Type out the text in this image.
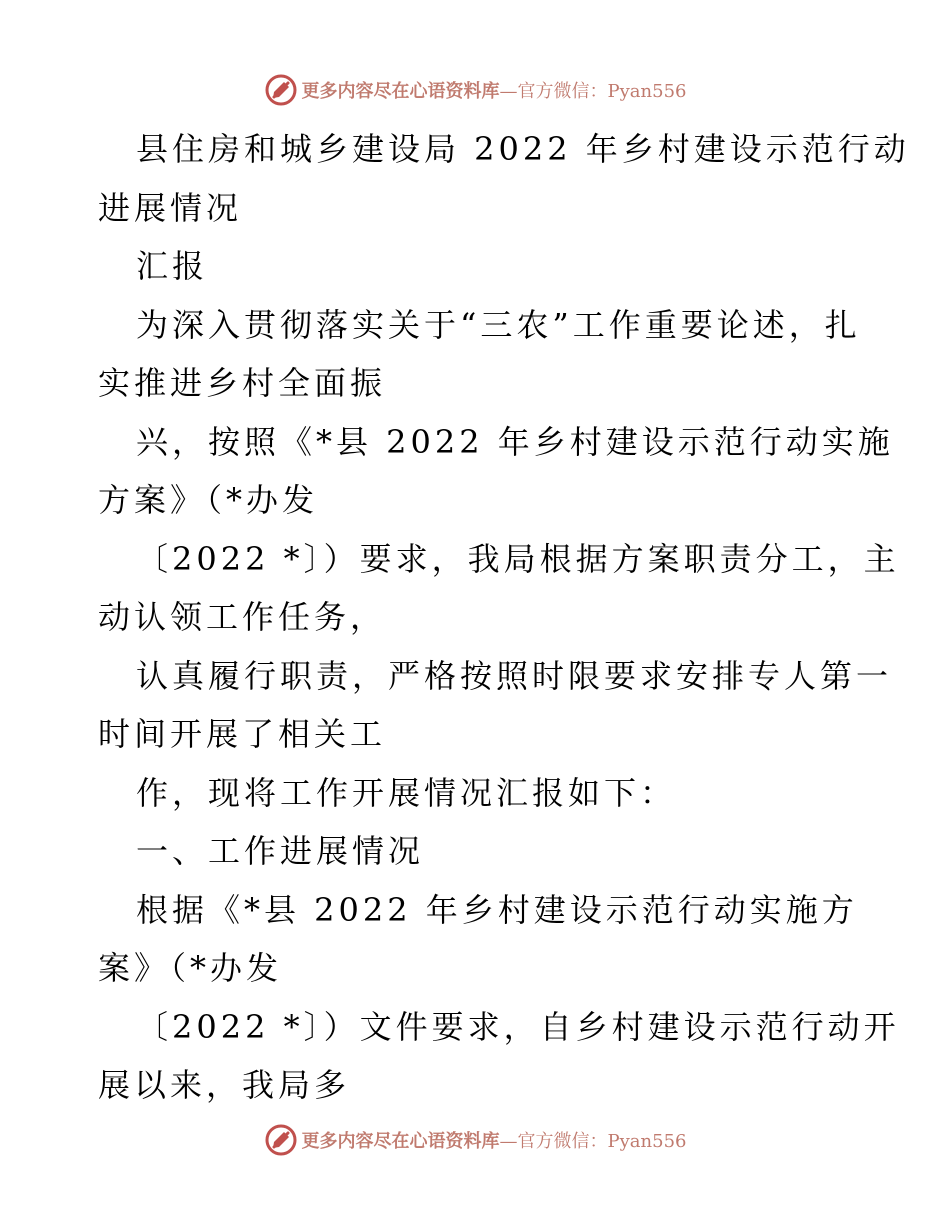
更多内容尽在心语资料库—官方微信：Pyan556
县住房和城乡建设局 2022 年乡村建设示范行动
进展情况
汇报
为深入贯彻落实关于“三农”工作重要论述，扎
实推进乡村全面振
兴，按照《*县 2022 年乡村建设示范行动实施
方案》（*办发
〔2022 *〕）要求，我局根据方案职责分工，主
动认领工作任务，
认真履行职责，严格按照时限要求安排专人第一
时间开展了相关工
作，现将工作开展情况汇报如下：
一、工作进展情况
根据《*县 2022 年乡村建设示范行动实施方
案》（*办发
〔2022 *〕）文件要求，自乡村建设示范行动开
展以来，我局多
更多内容尽在心语资料库—官方微信：Pyan556
